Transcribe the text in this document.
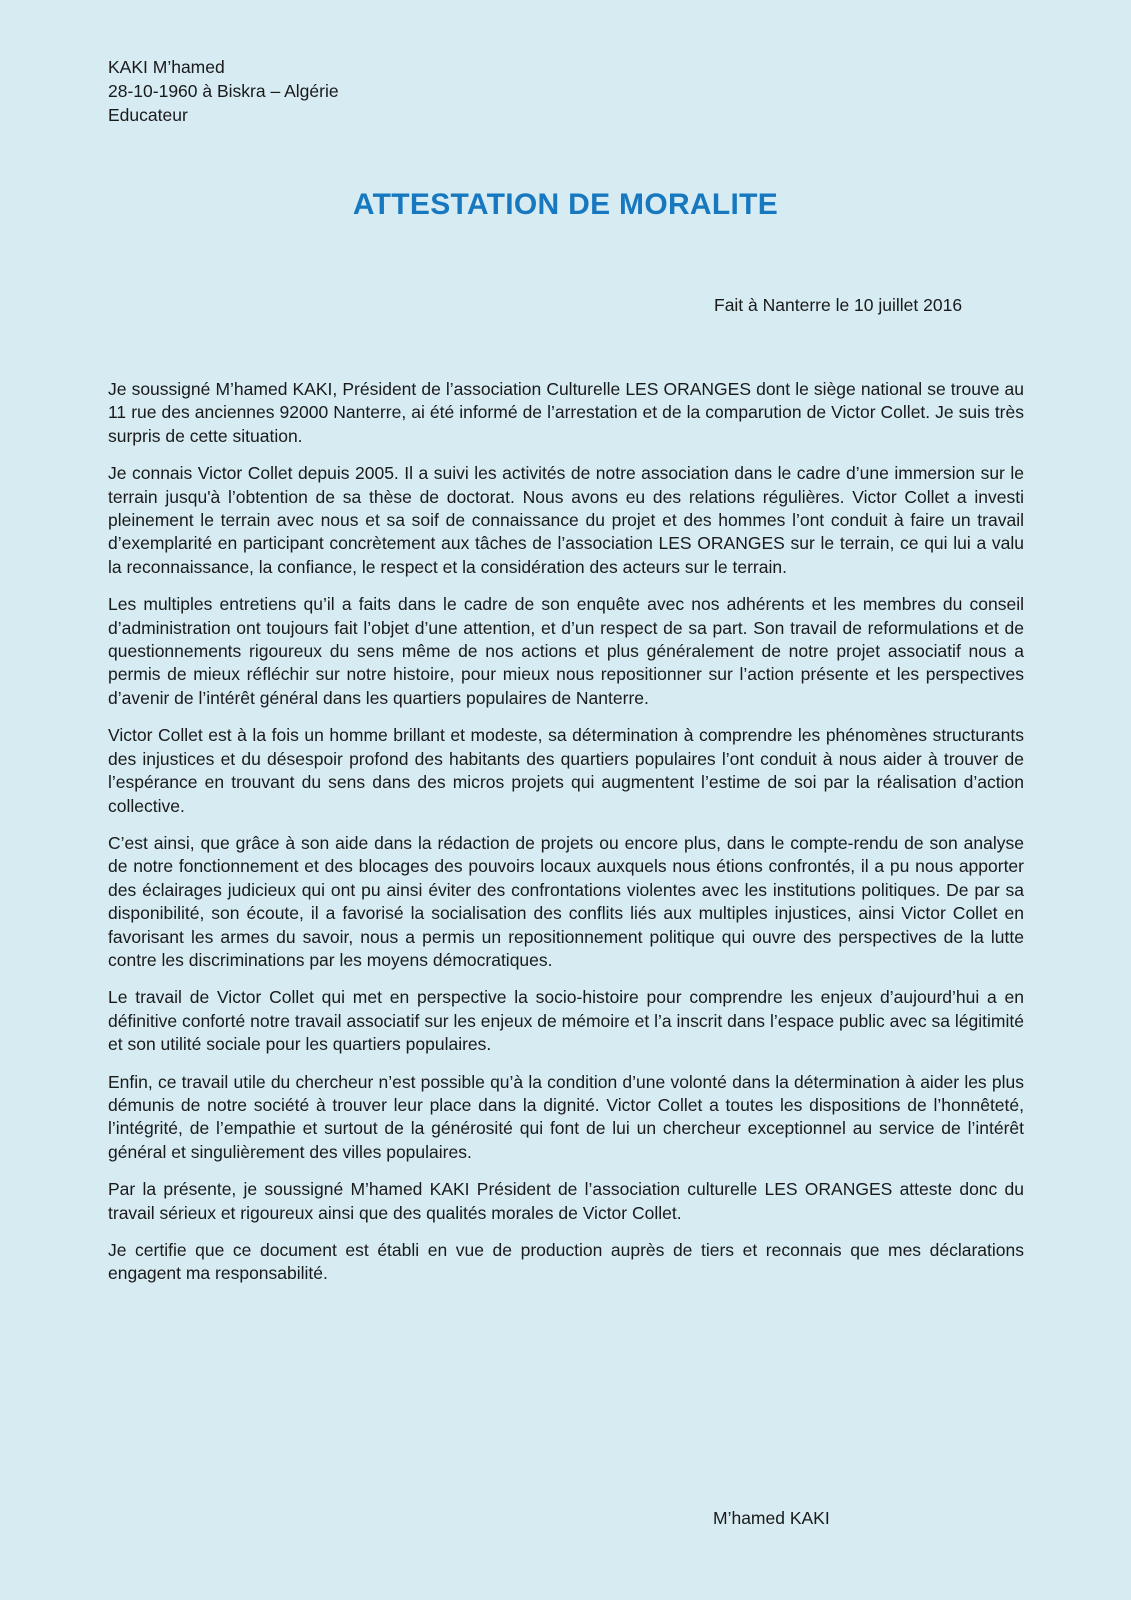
KAKI M’hamed
28-10-1960 à Biskra – Algérie
Educateur
ATTESTATION DE MORALITE
Fait à Nanterre le 10 juillet 2016

Je soussigné M’hamed KAKI, Président de l’association Culturelle LES ORANGES dont le siège national se trouve au 11 rue des anciennes 92000 Nanterre, ai été informé de l’arrestation et de la comparution de Victor Collet. Je suis très surpris de cette situation.

Je connais Victor Collet depuis 2005. Il a suivi les activités de notre association dans le cadre d’une immersion sur le terrain jusqu'à l’obtention de sa thèse de doctorat. Nous avons eu des relations régulières. Victor Collet a investi pleinement le terrain avec nous et sa soif de connaissance du projet et des hommes l’ont conduit à faire un travail d’exemplarité en participant concrètement aux tâches de l’association LES ORANGES sur le terrain, ce qui lui a valu la reconnaissance, la confiance, le respect et la considération des acteurs sur le terrain.

Les multiples entretiens qu’il a faits dans le cadre de son enquête avec nos adhérents et les membres du conseil d’administration ont toujours fait l’objet d’une attention, et d’un respect de sa part. Son travail de reformulations et de questionnements rigoureux du sens même de nos actions et plus généralement de notre projet associatif nous a permis de mieux réfléchir sur notre histoire, pour mieux nous repositionner sur l’action présente et les perspectives d’avenir de l’intérêt général dans les quartiers populaires de Nanterre.

Victor Collet est à la fois un homme brillant et modeste, sa détermination à comprendre les phénomènes structurants des injustices et du désespoir profond des habitants des quartiers populaires l’ont conduit à nous aider à trouver de l’espérance en trouvant du sens dans des micros projets qui augmentent l’estime de soi par la réalisation d’action collective.

C’est ainsi, que grâce à son aide dans la rédaction de projets ou encore plus, dans le compte-rendu de son analyse de notre fonctionnement et des blocages des pouvoirs locaux auxquels nous étions confrontés, il a pu nous apporter des éclairages judicieux qui ont pu ainsi éviter des confrontations violentes avec les institutions politiques. De par sa disponibilité, son écoute, il a favorisé la socialisation des conflits liés aux multiples injustices, ainsi Victor Collet en favorisant les armes du savoir, nous a permis un repositionnement politique qui ouvre des perspectives de la lutte contre les discriminations par les moyens démocratiques.

Le travail de Victor Collet qui met en perspective la socio-histoire pour comprendre les enjeux d’aujourd’hui a en définitive conforté notre travail associatif sur les enjeux de mémoire et l’a inscrit dans l’espace public avec sa légitimité et son utilité sociale pour les quartiers populaires.

Enfin, ce travail utile du chercheur n’est possible qu’à la condition d’une volonté dans la détermination à aider les plus démunis de notre société à trouver leur place dans la dignité. Victor Collet a toutes les dispositions de l’honnêteté, l’intégrité, de l’empathie et surtout de la générosité qui font de lui un chercheur exceptionnel au service de l’intérêt général et singulièrement des villes populaires.

Par la présente, je soussigné M’hamed KAKI Président de l’association culturelle LES ORANGES atteste donc du travail sérieux et rigoureux ainsi que des qualités morales de Victor Collet.

Je certifie que ce document est établi en vue de production auprès de tiers et reconnais que mes déclarations engagent ma responsabilité.

M’hamed KAKI
